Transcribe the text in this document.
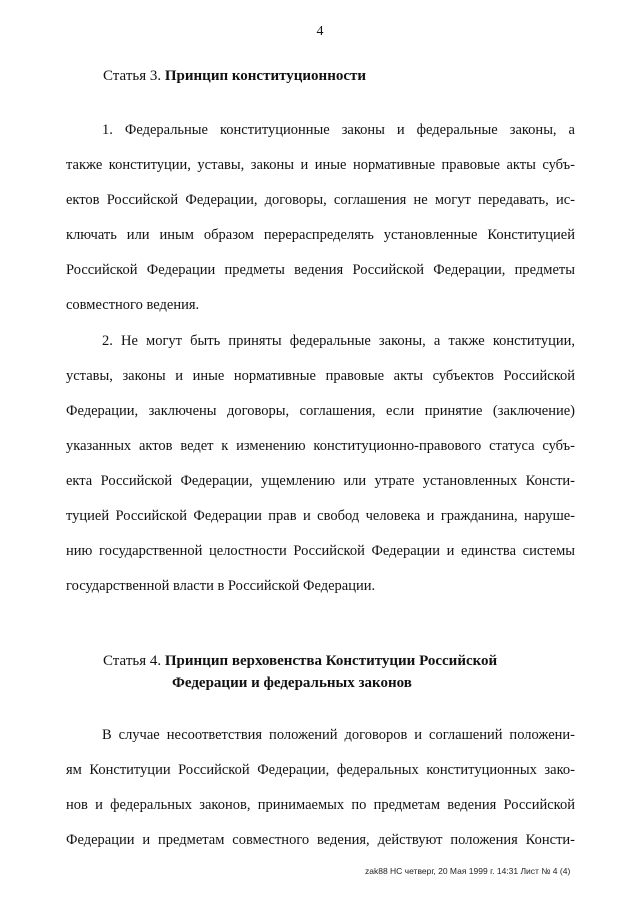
4
Статья 3. Принцип конституционности
1. Федеральные конституционные законы и федеральные законы, а
также конституции, уставы, законы и иные нормативные правовые акты субъ-
ектов Российской Федерации, договоры, соглашения не могут передавать, ис-
ключать или иным образом перераспределять установленные Конституцией
Российской Федерации предметы ведения Российской Федерации, предметы
совместного ведения.
2. Не могут быть приняты федеральные законы, а также конституции,
уставы, законы и иные нормативные правовые акты субъектов Российской
Федерации, заключены договоры, соглашения, если принятие (заключение)
указанных актов ведет к изменению конституционно-правового статуса субъ-
екта Российской Федерации, ущемлению или утрате установленных Консти-
туцией Российской Федерации прав и свобод человека и гражданина, наруше-
нию государственной целостности Российской Федерации и единства системы
государственной власти в Российской Федерации.
Статья 4. Принцип верховенства Конституции Российской
Федерации и федеральных законов
В случае несоответствия положений договоров и соглашений положени-
ям Конституции Российской Федерации, федеральных конституционных зако-
нов и федеральных законов, принимаемых по предметам ведения Российской
Федерации и предметам совместного ведения, действуют положения Консти-
zak88 НС четверг, 20 Мая 1999 г. 14:31 Лист № 4 (4)
